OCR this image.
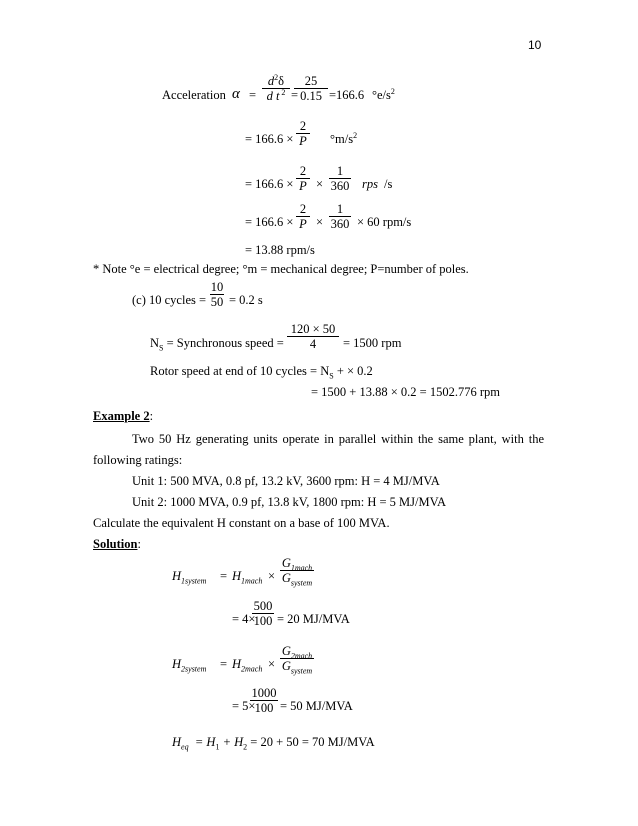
10
Acceleration α =
$d^2\delta$
d t $^2$ =
25
0.15 =166.6 $^\circ e/s^2$
= 166.6 ×
2
P $^\circ m/s^2$
= 166.6 ×
2
P ×
1
360 rps /s
= 166.6 ×
2
P ×
1
360 × 60 rpm/s
= 13.88 rpm/s
* Note °e = electrical degree; °m = mechanical degree; P=number of poles.
(c) 10 cycles =
10
50 = 0.2 s
$N_S$ = Synchronous speed =
120 × 50
4	= 1500 rpm
Rotor speed at end of 10 cycles = $N_S$ + × 0.2
= 1500 + 13.88 × 0.2 = 1502.776 rpm
Example 2:
Two 50 Hz generating units operate in parallel within the same plant, with the
following ratings:
Unit 1: 500 MVA, 0.8 pf, 13.2 kV, 3600 rpm: H = 4 MJ/MVA
Unit 2: 1000 MVA, 0.9 pf, 13.8 kV, 1800 rpm: H = 5 MJ/MVA
Calculate the equivalent H constant on a base of 100 MVA.
Solution:
$H_{1system} = H_{1mach}$ ×
$G_{1mach}$
$G_{system}$
= 4×
500
100 = 20 MJ/MVA
$H_{2system} = H_{2mach}$ ×
$G_{2mach}$
$G_{system}$
= 5×
1000
100 = 50 MJ/MVA
$H_{eq} = H_1 + H_2 = 20 + 50 = 70$ MJ/MVA
